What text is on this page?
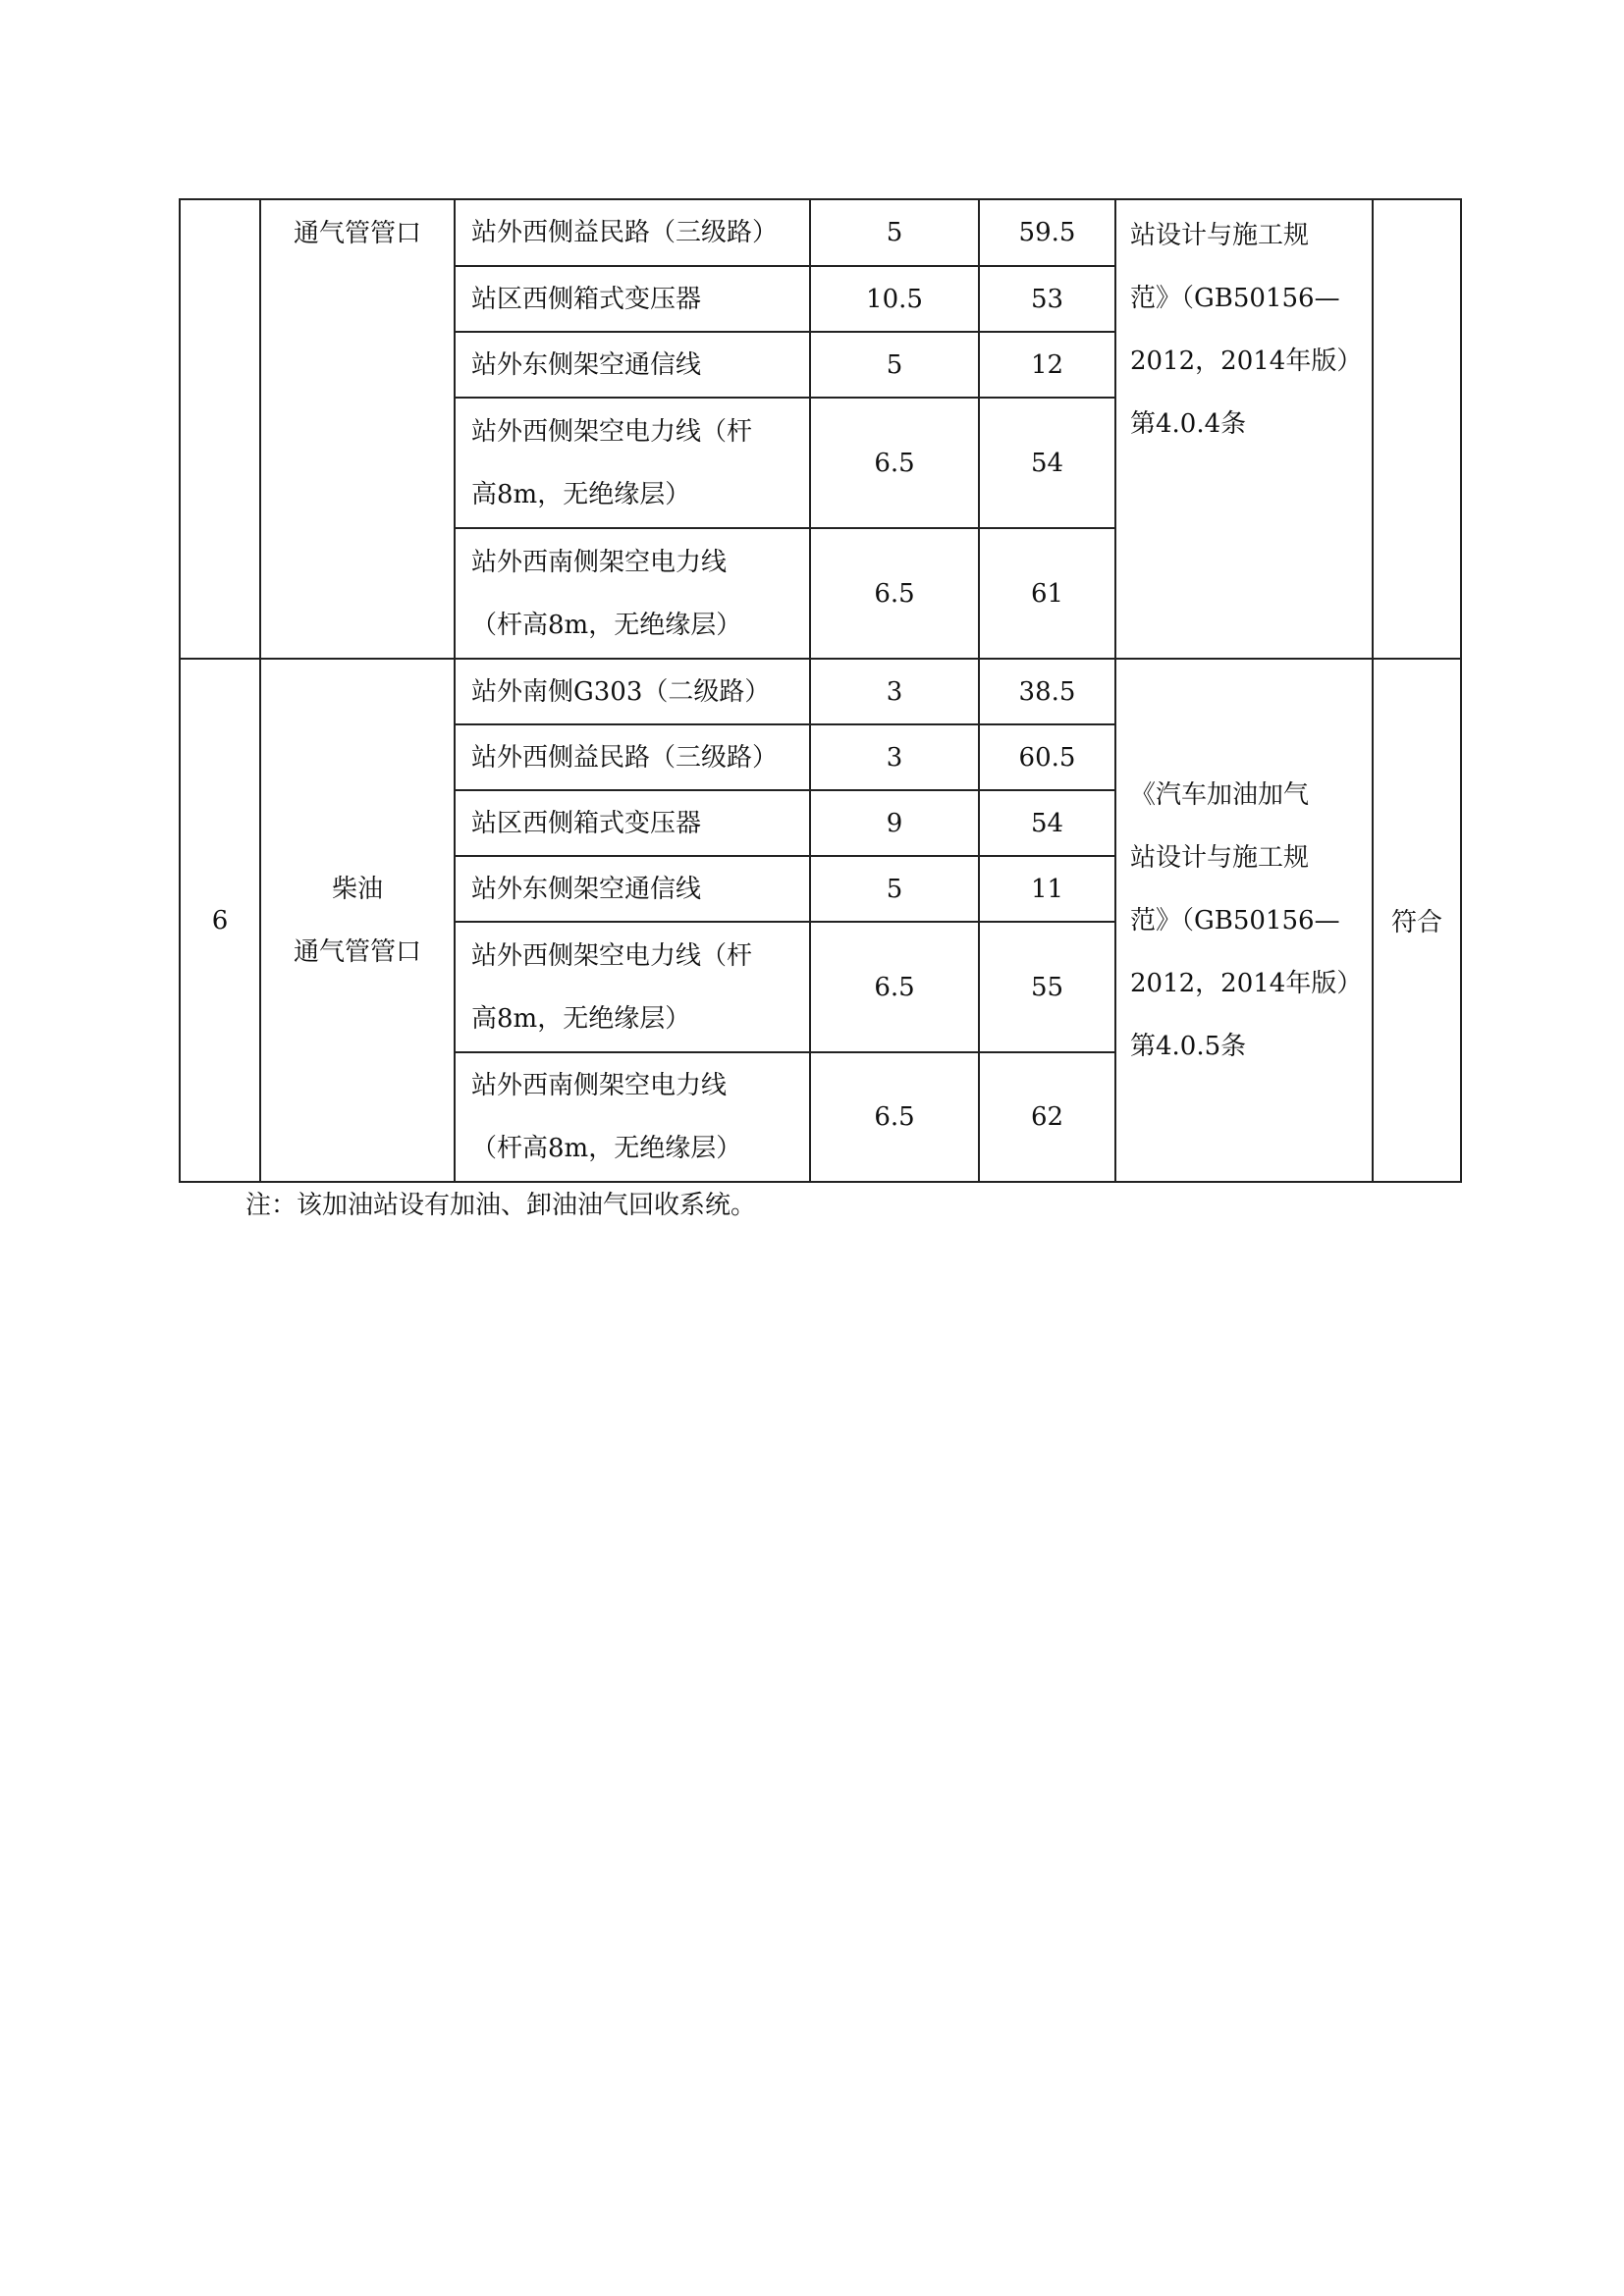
	通气管管口	站外西侧益民路（三级路）	5	59.5	站设计与施工规
范》（GB50156—
2012，2014年版）
第4.0.4条	

		站区西侧箱式变压器	10.5	53		

		站外东侧架空通信线	5	12		

		站外西侧架空电力线（杆
高8m，无绝缘层）	6.5	54		

		站外西南侧架空电力线
（杆高8m，无绝缘层）	6.5	61		
6	柴油
通气管管口	站外南侧G303（二级路）	3	38.5	《汽车加油加气
站设计与施工规
范》（GB50156—
2012，2014年版）
第4.0.5条	符合

		站外西侧益民路（三级路）	3	60.5		

		站区西侧箱式变压器	9	54		

		站外东侧架空通信线	5	11		

		站外西侧架空电力线（杆
高8m，无绝缘层）	6.5	55		

		站外西南侧架空电力线
（杆高8m，无绝缘层）	6.5	62		
注：该加油站设有加油、卸油油气回收系统。
